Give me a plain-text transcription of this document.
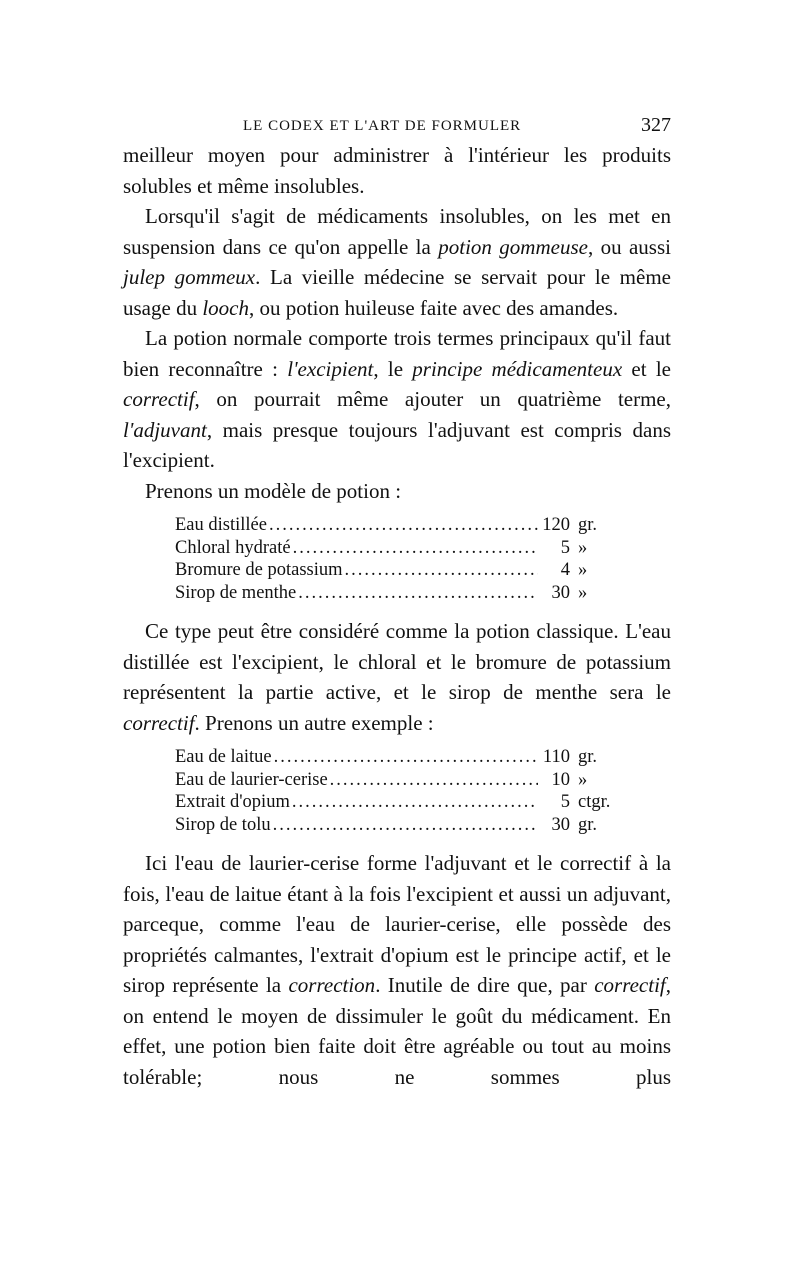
LE CODEX ET L'ART DE FORMULER	327

meilleur moyen pour administrer à l'intérieur les produits solubles et même insolubles.

Lorsqu'il s'agit de médicaments insolubles, on les met en suspension dans ce qu'on appelle la potion gommeuse, ou aussi julep gommeux. La vieille médecine se servait pour le même usage du looch, ou potion huileuse faite avec des amandes.

La potion normale comporte trois termes principaux qu'il faut bien reconnaître : l'excipient, le principe médicamenteux et le correctif, on pourrait même ajouter un quatrième terme, l'adjuvant, mais presque toujours l'adjuvant est compris dans l'excipient.

Prenons un modèle de potion :

Eau distillée .....	120 gr.
Chloral hydraté .....	5 »
Bromure de potassium .....	4 »
Sirop de menthe .....	30 »

Ce type peut être considéré comme la potion classique. L'eau distillée est l'excipient, le chloral et le bromure de potassium représentent la partie active, et le sirop de menthe sera le correctif. Prenons un autre exemple :

Eau de laitue .....	110 gr.
Eau de laurier-cerise .....	10 »
Extrait d'opium .....	5 ctgr.
Sirop de tolu .....	30 gr.

Ici l'eau de laurier-cerise forme l'adjuvant et le correctif à la fois, l'eau de laitue étant à la fois l'excipient et aussi un adjuvant, parceque, comme l'eau de laurier-cerise, elle possède des propriétés calmantes, l'extrait d'opium est le principe actif, et le sirop représente la correction. Inutile de dire que, par correctif, on entend le moyen de dissimuler le goût du médicament. En effet, une potion bien faite doit être agréable ou tout au moins tolérable; nous ne sommes plus
